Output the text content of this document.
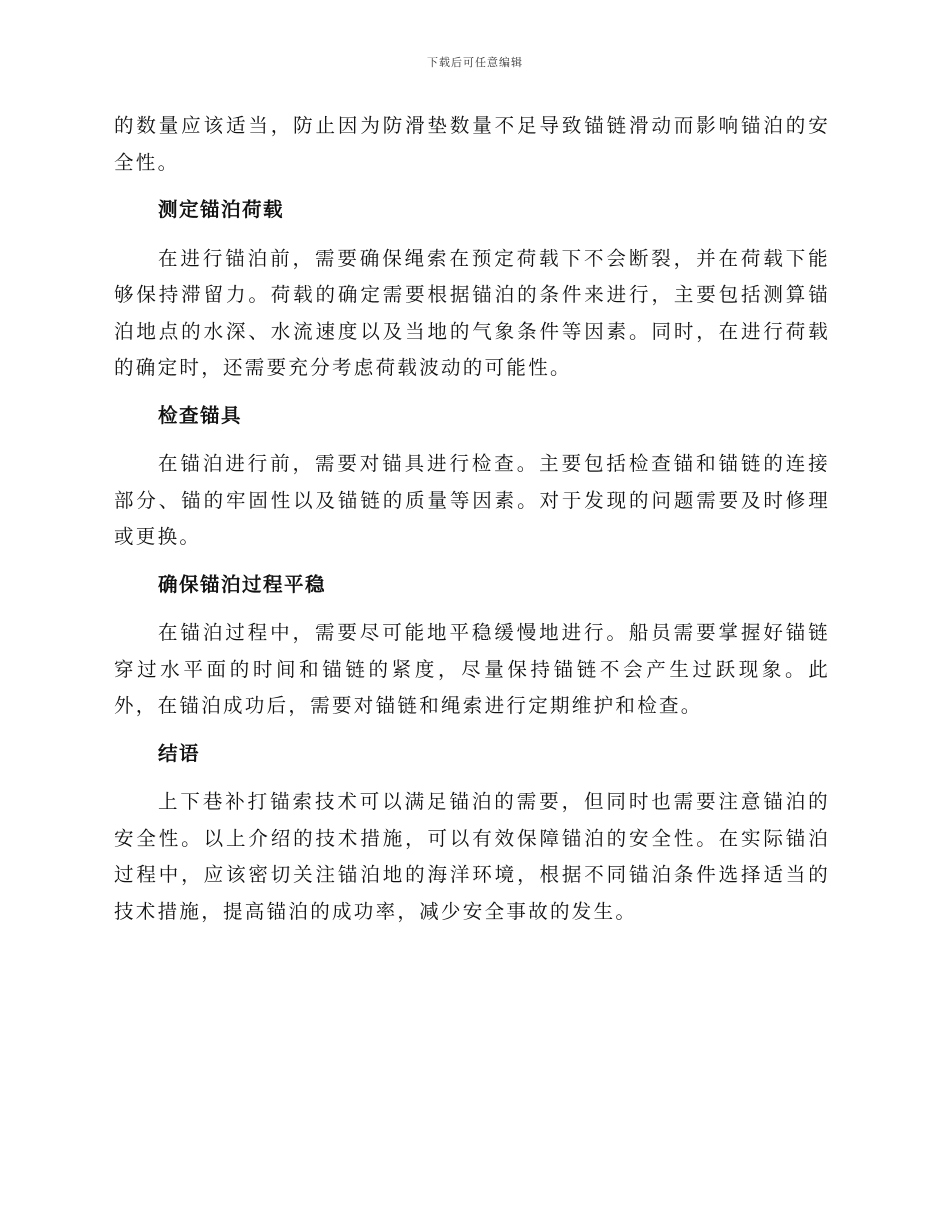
下载后可任意编辑

的数量应该适当，防止因为防滑垫数量不足导致锚链滑动而影响锚泊的安全性。

测定锚泊荷载

在进行锚泊前，需要确保绳索在预定荷载下不会断裂，并在荷载下能够保持滞留力。荷载的确定需要根据锚泊的条件来进行，主要包括测算锚泊地点的水深、水流速度以及当地的气象条件等因素。同时，在进行荷载的确定时，还需要充分考虑荷载波动的可能性。

检查锚具

在锚泊进行前，需要对锚具进行检查。主要包括检查锚和锚链的连接部分、锚的牢固性以及锚链的质量等因素。对于发现的问题需要及时修理或更换。

确保锚泊过程平稳

在锚泊过程中，需要尽可能地平稳缓慢地进行。船员需要掌握好锚链穿过水平面的时间和锚链的紧度，尽量保持锚链不会产生过跃现象。此外，在锚泊成功后，需要对锚链和绳索进行定期维护和检查。

结语

上下巷补打锚索技术可以满足锚泊的需要，但同时也需要注意锚泊的安全性。以上介绍的技术措施，可以有效保障锚泊的安全性。在实际锚泊过程中，应该密切关注锚泊地的海洋环境，根据不同锚泊条件选择适当的技术措施，提高锚泊的成功率，减少安全事故的发生。
